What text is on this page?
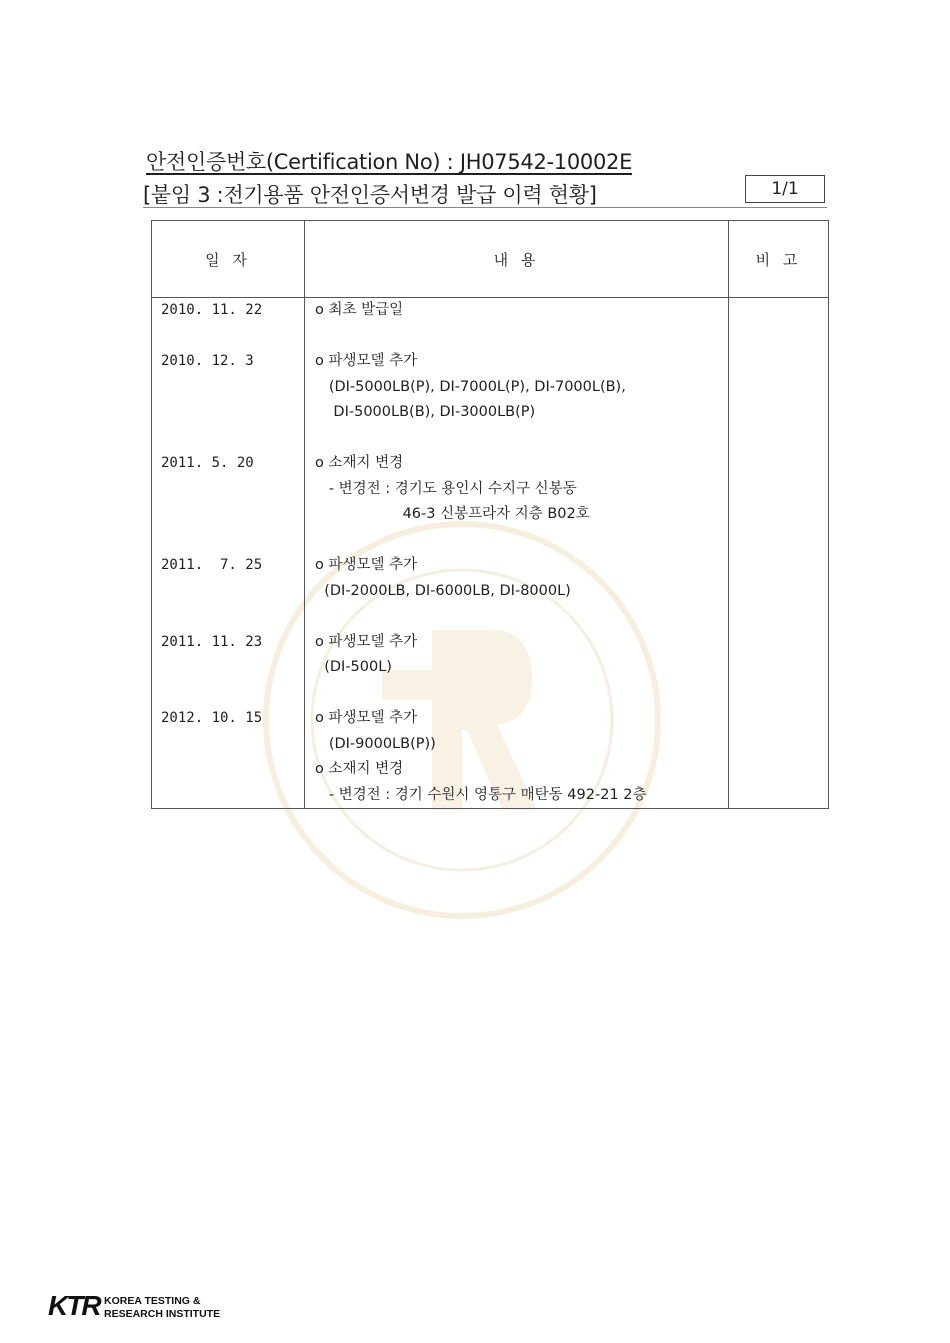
안전인증번호(Certification No) : JH07542-10002E
[붙임 3 :전기용품 안전인증서변경 발급 이력 현황]	1/1
일 자	내 용	비 고
2010. 11. 22	o 최초 발급일	

2010. 12. 3	o 파생모델 추가
(DI-5000LB(P), DI-7000L(P), DI-7000L(B),
DI-5000LB(B), DI-3000LB(P)	

2011. 5. 20	o 소재지 변경
- 변경전 : 경기도 용인시 수지구 신봉동
46-3 신봉프라자 지층 B02호	

2011.  7. 25	o 파생모델 추가
(DI-2000LB, DI-6000LB, DI-8000L)	

2011. 11. 23	o 파생모델 추가
(DI-500L)	

2012. 10. 15	o 파생모델 추가
(DI-9000LB(P))
o 소재지 변경
- 변경전 : 경기 수원시 영통구 매탄동 492-21 2층	

KTR KOREA TESTING &
RESEARCH INSTITUTE
